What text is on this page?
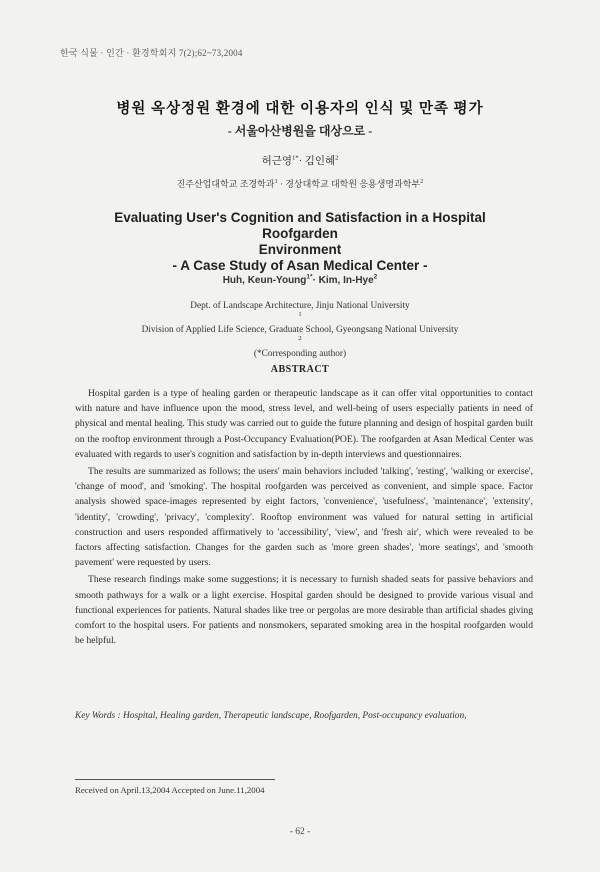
한국 식물 · 인간 · 환경학회지 7(2);62~73,2004
병원 옥상정원 환경에 대한 이용자의 인식 및 만족 평가
- 서울아산병원을 대상으로 -
허근영$^{1*}$· 김인혜$^2$
진주산업대학교 조경학과$^1$ · 경상대학교 대학원 응용생명과학부$^2$
Evaluating User's Cognition and Satisfaction in a Hospital Roofgarden
Environment
- A Case Study of Asan Medical Center -
Huh, Keun-Young$^{1*}$· Kim, In-Hye$^2$
Dept. of Landscape Architecture, Jinju National University
$^1$
Division of Applied Life Science, Graduate School, Gyeongsang National University
$^2$
(*Corresponding author)
ABSTRACT

Hospital garden is a type of healing garden or therapeutic landscape as it can offer vital opportunities to contact with nature and have influence upon the mood, stress level, and well-being of users especially patients in need of physical and mental healing. This study was carried out to guide the future planning and design of hospital garden built on the rooftop environment through a Post-Occupancy Evaluation(POE). The roofgarden at Asan Medical Center was evaluated with regards to user's cognition and satisfaction by in-depth interviews and questionnaires.

The results are summarized as follows; the users' main behaviors included 'talking', 'resting', 'walking or exercise', 'change of mood', and 'smoking'. The hospital roofgarden was perceived as convenient, and simple space. Factor analysis showed space-images represented by eight factors, 'convenience', 'usefulness', 'maintenance', 'extensity', 'identity', 'crowding', 'privacy', 'complexity'. Rooftop environment was valued for natural setting in artificial construction and users responded affirmatively to 'accessibility', 'view', and 'fresh air', which were revealed to be factors affecting satisfaction. Changes for the garden such as 'more green shades', 'more seatings', and 'smooth pavement' were requested by users.

These research findings make some suggestions; it is necessary to furnish shaded seats for passive behaviors and smooth pathways for a walk or a light exercise. Hospital garden should be designed to provide various visual and functional experiences for patients. Natural shades like tree or pergolas are more desirable than artificial shades giving comfort to the hospital users. For patients and nonsmokers, separated smoking area in the hospital roofgarden would be helpful.

Key Words : Hospital, Healing garden, Therapeutic landscape, Roofgarden, Post-occupancy evaluation,
Received on April.13,2004 Accepted on June.11,2004
- 62 -
